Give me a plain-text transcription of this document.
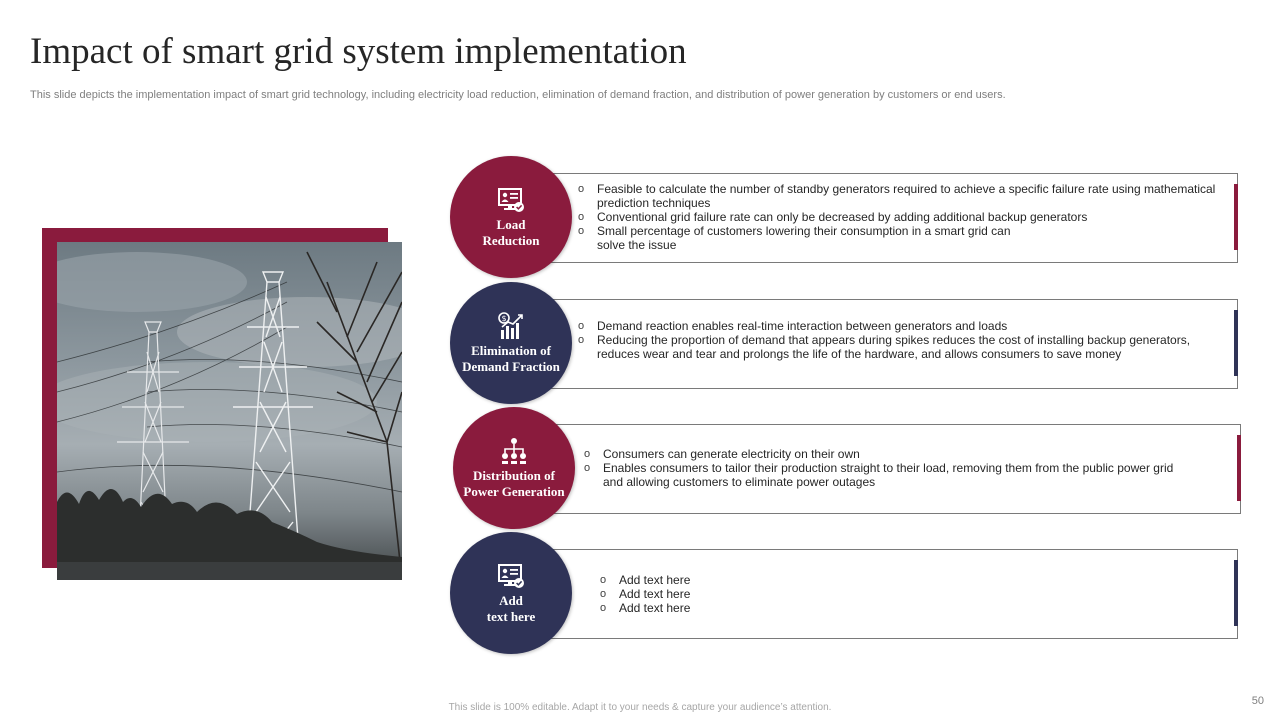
Impact of smart grid system implementation
This slide depicts the implementation impact of smart grid technology, including electricity load reduction, elimination of demand fraction, and distribution of power generation by customers or end users.
Load
Reduction
o Feasible to calculate the number of standby generators required to achieve a specific failure rate using mathematical
prediction techniques
o Conventional grid failure rate can only be decreased by adding additional backup generators
o Small percentage of customers lowering their consumption in a smart grid can
solve the issue
$
Elimination of
Demand Fraction
o Demand reaction enables real-time interaction between generators and loads
o Reducing the proportion of demand that appears during spikes reduces the cost of installing backup generators,
reduces wear and tear and prolongs the life of the hardware, and allows consumers to save money
Distribution of
Power Generation
o Consumers can generate electricity on their own
o Enables consumers to tailor their production straight to their load, removing them from the public power grid
and allowing customers to eliminate power outages
Add
text here
o Add text here
o Add text here
o Add text here
This slide is 100% editable. Adapt it to your needs & capture your audience’s attention.
50
